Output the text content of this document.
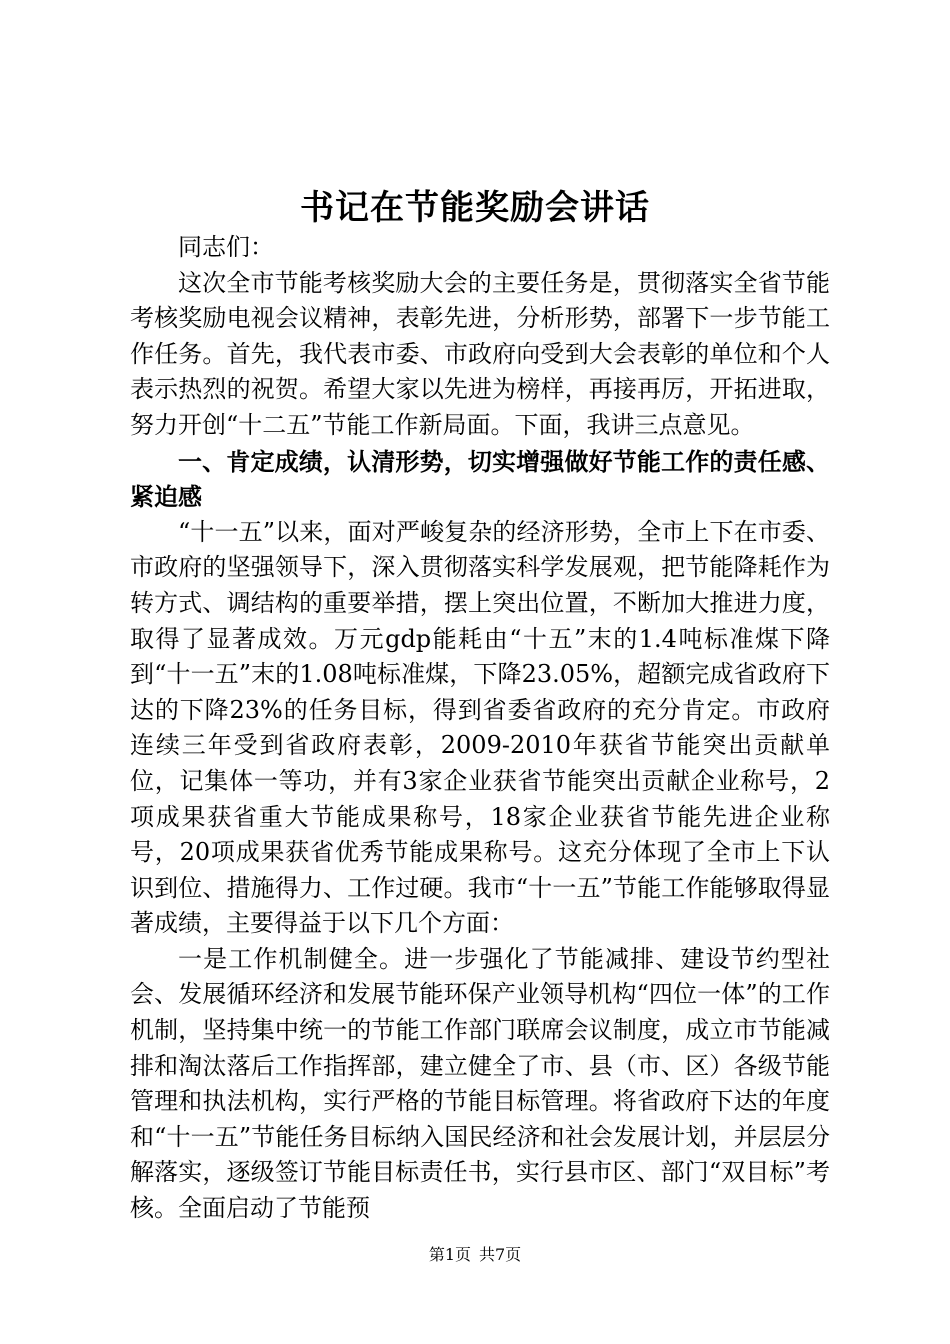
书记在节能奖励会讲话

同志们：

这次全市节能考核奖励大会的主要任务是，贯彻落实全省节能考核奖励电视会议精神，表彰先进，分析形势，部署下一步节能工作任务。首先，我代表市委、市政府向受到大会表彰的单位和个人表示热烈的祝贺。希望大家以先进为榜样，再接再厉，开拓进取，努力开创“十二五”节能工作新局面。下面，我讲三点意见。

一、肯定成绩，认清形势，切实增强做好节能工作的责任感、紧迫感

“十一五”以来，面对严峻复杂的经济形势，全市上下在市委、市政府的坚强领导下，深入贯彻落实科学发展观，把节能降耗作为转方式、调结构的重要举措，摆上突出位置，不断加大推进力度，取得了显著成效。万元gdp能耗由“十五”末的1.4吨标准煤下降到“十一五”末的1.08吨标准煤，下降23.05%，超额完成省政府下达的下降23%的任务目标，得到省委省政府的充分肯定。市政府连续三年受到省政府表彰，2009-2010年获省节能突出贡献单位，记集体一等功，并有3家企业获省节能突出贡献企业称号，2项成果获省重大节能成果称号，18家企业获省节能先进企业称号，20项成果获省优秀节能成果称号。这充分体现了全市上下认识到位、措施得力、工作过硬。我市“十一五”节能工作能够取得显著成绩，主要得益于以下几个方面：

一是工作机制健全。进一步强化了节能减排、建设节约型社会、发展循环经济和发展节能环保产业领导机构“四位一体”的工作机制，坚持集中统一的节能工作部门联席会议制度，成立市节能减排和淘汰落后工作指挥部，建立健全了市、县（市、区）各级节能管理和执法机构，实行严格的节能目标管理。将省政府下达的年度和“十一五”节能任务目标纳入国民经济和社会发展计划，并层层分解落实，逐级签订节能目标责任书，实行县市区、部门“双目标”考核。全面启动了节能预

第1页 共7页
